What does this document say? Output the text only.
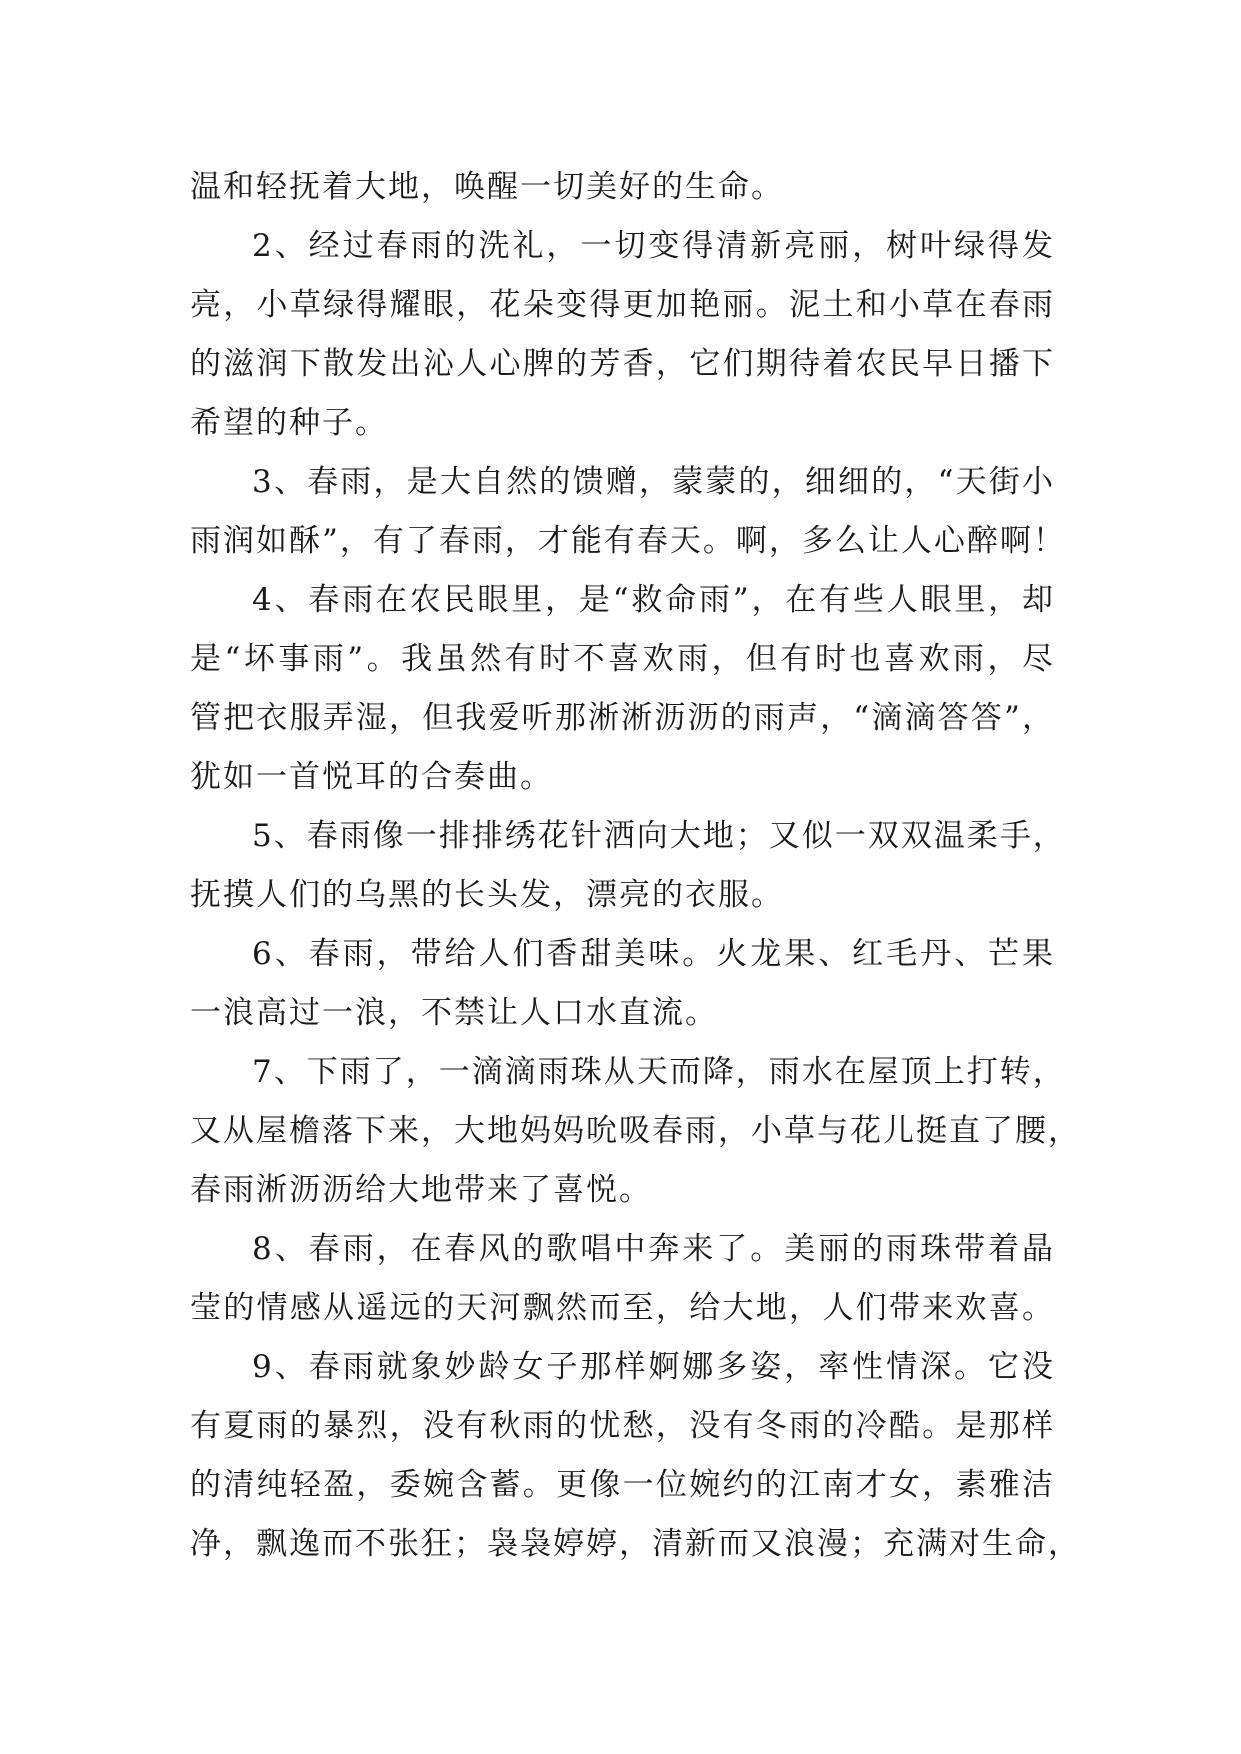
温和轻抚着大地，唤醒一切美好的生命。

2、经过春雨的洗礼，一切变得清新亮丽，树叶绿得发
亮，小草绿得耀眼，花朵变得更加艳丽。泥土和小草在春雨
的滋润下散发出沁人心脾的芳香，它们期待着农民早日播下
希望的种子。

3、春雨，是大自然的馈赠，蒙蒙的，细细的，“天街小
雨润如酥”，有了春雨，才能有春天。啊，多么让人心醉啊！

4、春雨在农民眼里，是“救命雨”，在有些人眼里，却
是“坏事雨”。我虽然有时不喜欢雨，但有时也喜欢雨，尽
管把衣服弄湿，但我爱听那淅淅沥沥的雨声，“滴滴答答”，
犹如一首悦耳的合奏曲。

5、春雨像一排排绣花针洒向大地；又似一双双温柔手，
抚摸人们的乌黑的长头发，漂亮的衣服。

6、春雨，带给人们香甜美味。火龙果、红毛丹、芒果
一浪高过一浪，不禁让人口水直流。

7、下雨了，一滴滴雨珠从天而降，雨水在屋顶上打转，
又从屋檐落下来，大地妈妈吮吸春雨，小草与花儿挺直了腰，
春雨淅沥沥给大地带来了喜悦。

8、春雨，在春风的歌唱中奔来了。美丽的雨珠带着晶
莹的情感从遥远的天河飘然而至，给大地，人们带来欢喜。

9、春雨就象妙龄女子那样婀娜多姿，率性情深。它没
有夏雨的暴烈，没有秋雨的忧愁，没有冬雨的冷酷。是那样
的清纯轻盈，委婉含蓄。更像一位婉约的江南才女，素雅洁
净，飘逸而不张狂；袅袅婷婷，清新而又浪漫；充满对生命，
